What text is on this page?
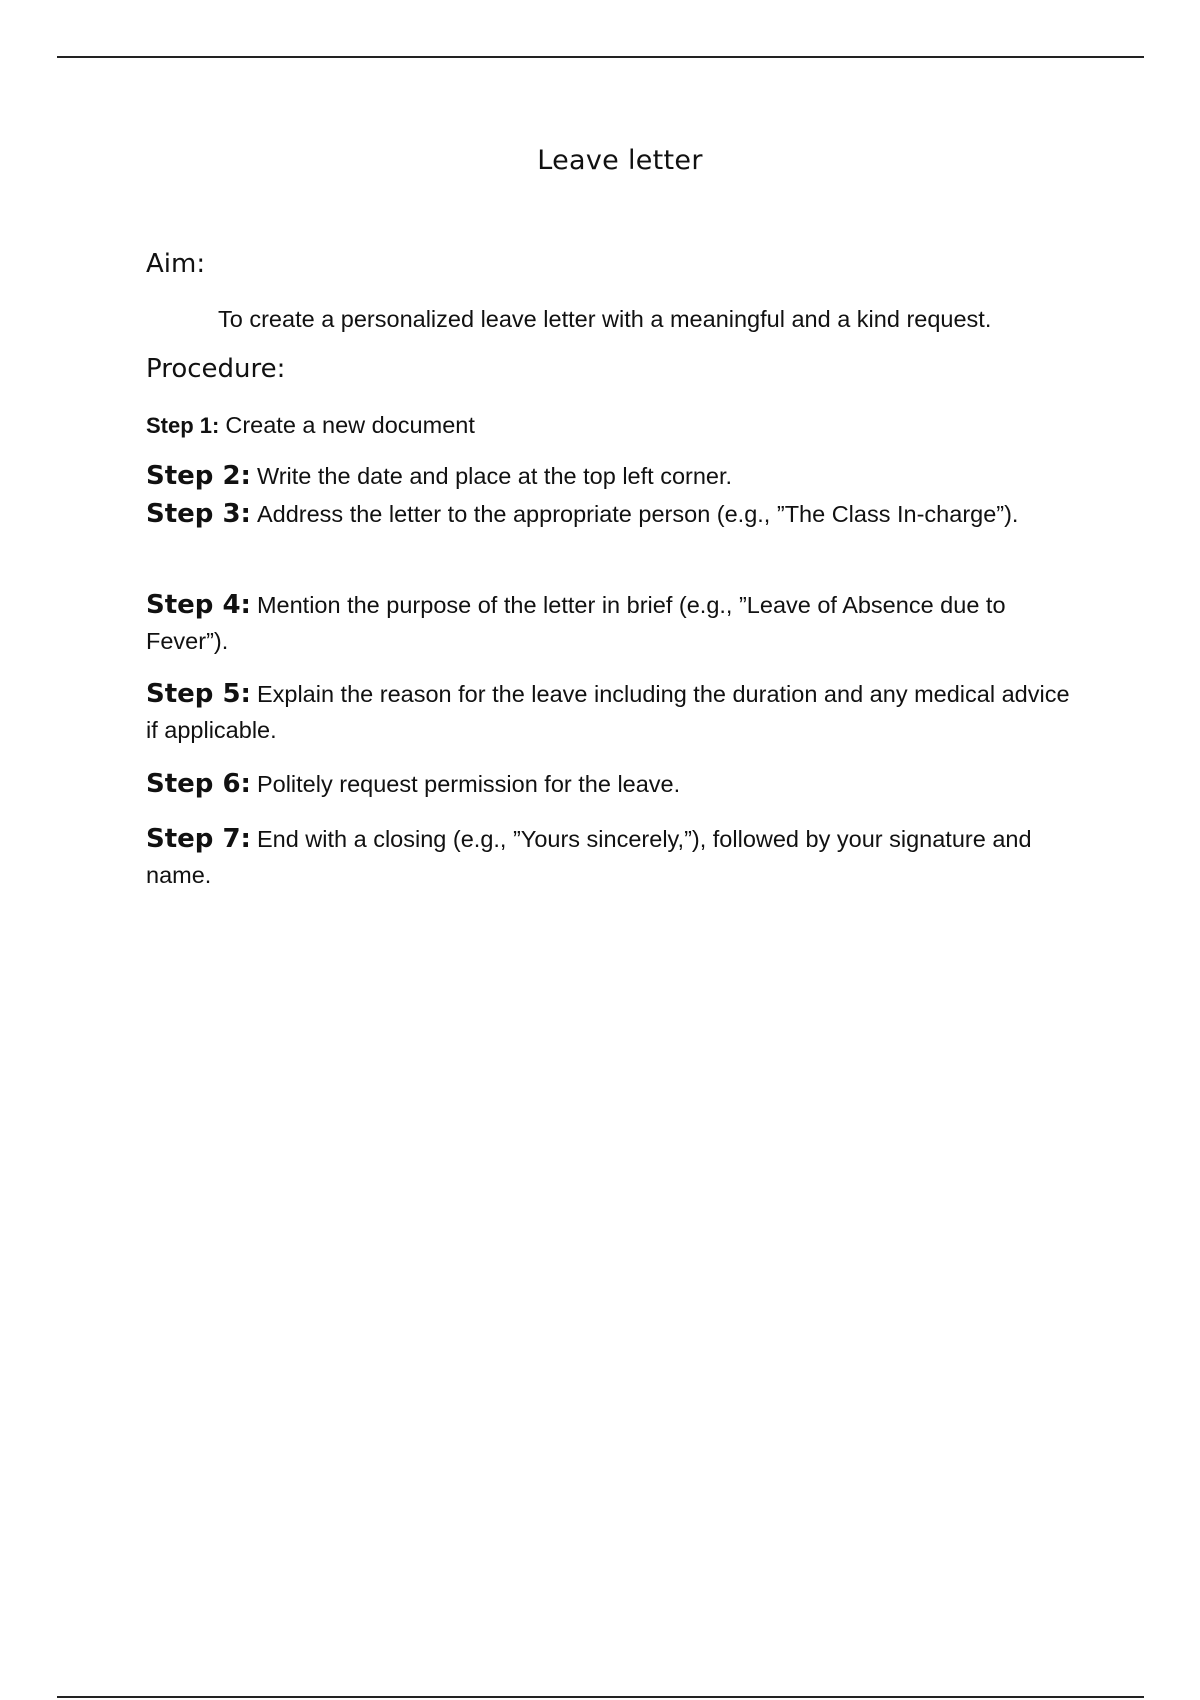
Leave letter
Aim:
To create a personalized leave letter with a meaningful and a kind request.
Procedure:
Step 1: Create a new document
Step 2: Write the date and place at the top left corner.
Step 3: Address the letter to the appropriate person (e.g., ”The Class In-charge”).
Step 4: Mention the purpose of the letter in brief (e.g., ”Leave of Absence due to Fever”).
Step 5: Explain the reason for the leave including the duration and any medical advice if applicable.
Step 6: Politely request permission for the leave.
Step 7: End with a closing (e.g., ”Yours sincerely,”), followed by your signature and name.
